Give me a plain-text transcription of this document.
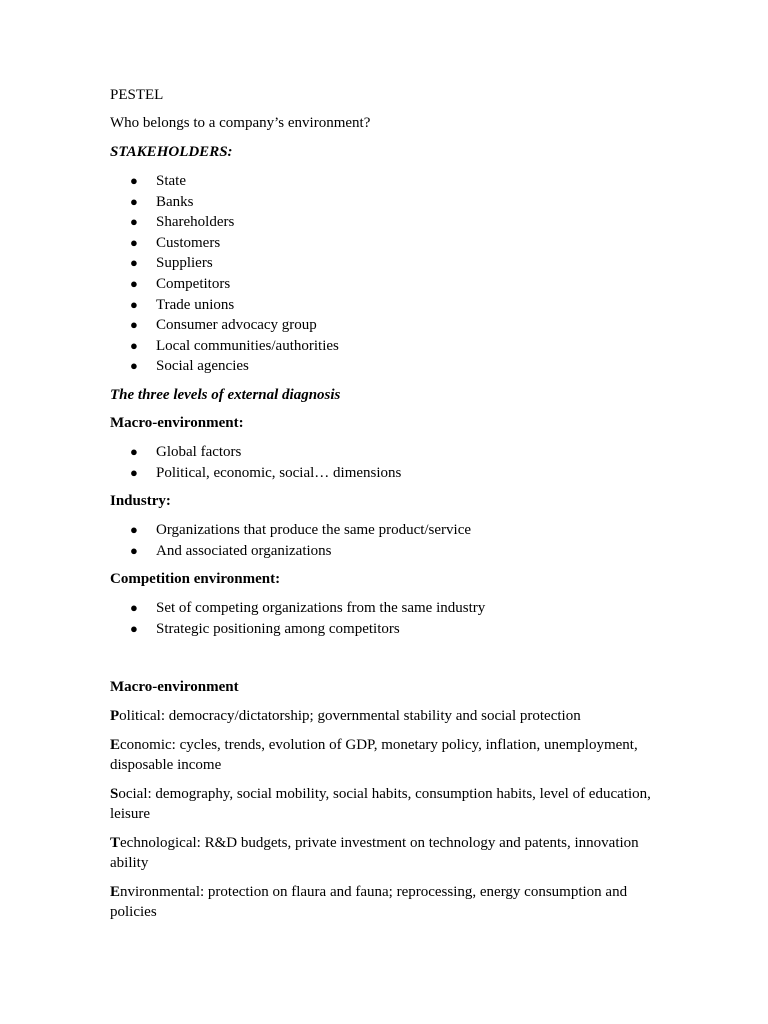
PESTEL

Who belongs to a company’s environment?

STAKEHOLDERS:

● State
● Banks
● Shareholders
● Customers
● Suppliers
● Competitors
● Trade unions
● Consumer advocacy group
● Local communities/authorities
● Social agencies

The three levels of external diagnosis

Macro-environment:

● Global factors
● Political, economic, social… dimensions

Industry:

● Organizations that produce the same product/service
● And associated organizations

Competition environment:

● Set of competing organizations from the same industry
● Strategic positioning among competitors

Macro-environment

Political: democracy/dictatorship; governmental stability and social protection

Economic: cycles, trends, evolution of GDP, monetary policy, inflation, unemployment, disposable income

Social: demography, social mobility, social habits, consumption habits, level of education, leisure

Technological: R&D budgets, private investment on technology and patents, innovation ability

Environmental: protection on flaura and fauna; reprocessing, energy consumption and policies
